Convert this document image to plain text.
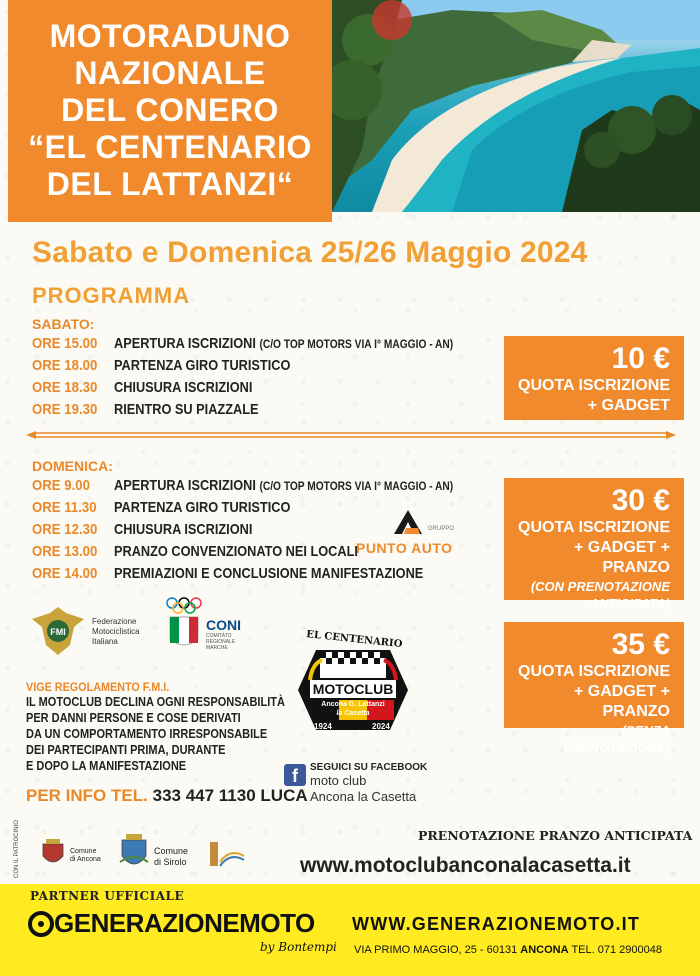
MOTORADUNO
NAZIONALE
DEL CONERO
“EL CENTENARIO
DEL LATTANZI“
Sabato e Domenica 25/26 Maggio 2024
PROGRAMMA
SABATO:
ORE 15.00	APERTURA ISCRIZIONI (C/O TOP MOTORS VIA I° MAGGIO - AN)
ORE 18.00	PARTENZA GIRO TURISTICO
ORE 18.30	CHIUSURA ISCRIZIONI
ORE 19.30	RIENTRO SU PIAZZALE
10 €
QUOTA ISCRIZIONE
+ GADGET
DOMENICA:
ORE 9.00	APERTURA ISCRIZIONI (C/O TOP MOTORS VIA I° MAGGIO - AN)
ORE 11.30	PARTENZA GIRO TURISTICO
ORE 12.30	CHIUSURA ISCRIZIONI
ORE 13.00	PRANZO CONVENZIONATO NEI LOCALI
ORE 14.00	PREMIAZIONI E CONCLUSIONE MANIFESTAZIONE
GRUPPO
PUNTO AUTO
30 €
QUOTA ISCRIZIONE
+ GADGET + PRANZO
(CON PRENOTAZIONE
ANTICIPATA)
35 €
QUOTA ISCRIZIONE
+ GADGET + PRANZO
(SENZA PRENOTAZIONE)
FMI
Federazione
Motociclistica
Italiana
CONI
COMITATO
REGIONALE
MARCHE	EL CENTENARIO
MOTOCLUB
Ancona G. Lattanzi
la Casetta
1924	2024
VIGE REGOLAMENTO F.M.I.
IL MOTOCLUB DECLINA OGNI RESPONSABILITÀ
PER DANNI PERSONE E COSE DERIVATI
DA UN COMPORTAMENTO IRRESPONSABILE
DEI PARTECIPANTI PRIMA, DURANTE
E DOPO LA MANIFESTAZIONE
PER INFO TEL. 333 447 1130 LUCA
f	SEGUICI SU FACEBOOK
moto club
Ancona la Casetta
CON IL PATROCINIO	Comune
di Ancona
Comune
di Sirolo
PRENOTAZIONE PRANZO ANTICIPATA
www.motoclubanconalacasetta.it
PARTNER UFFICIALE
GENERAZIONEMOTO
by Bontempi
WWW.GENERAZIONEMOTO.IT
VIA PRIMO MAGGIO, 25 - 60131 ANCONA TEL. 071 2900048
